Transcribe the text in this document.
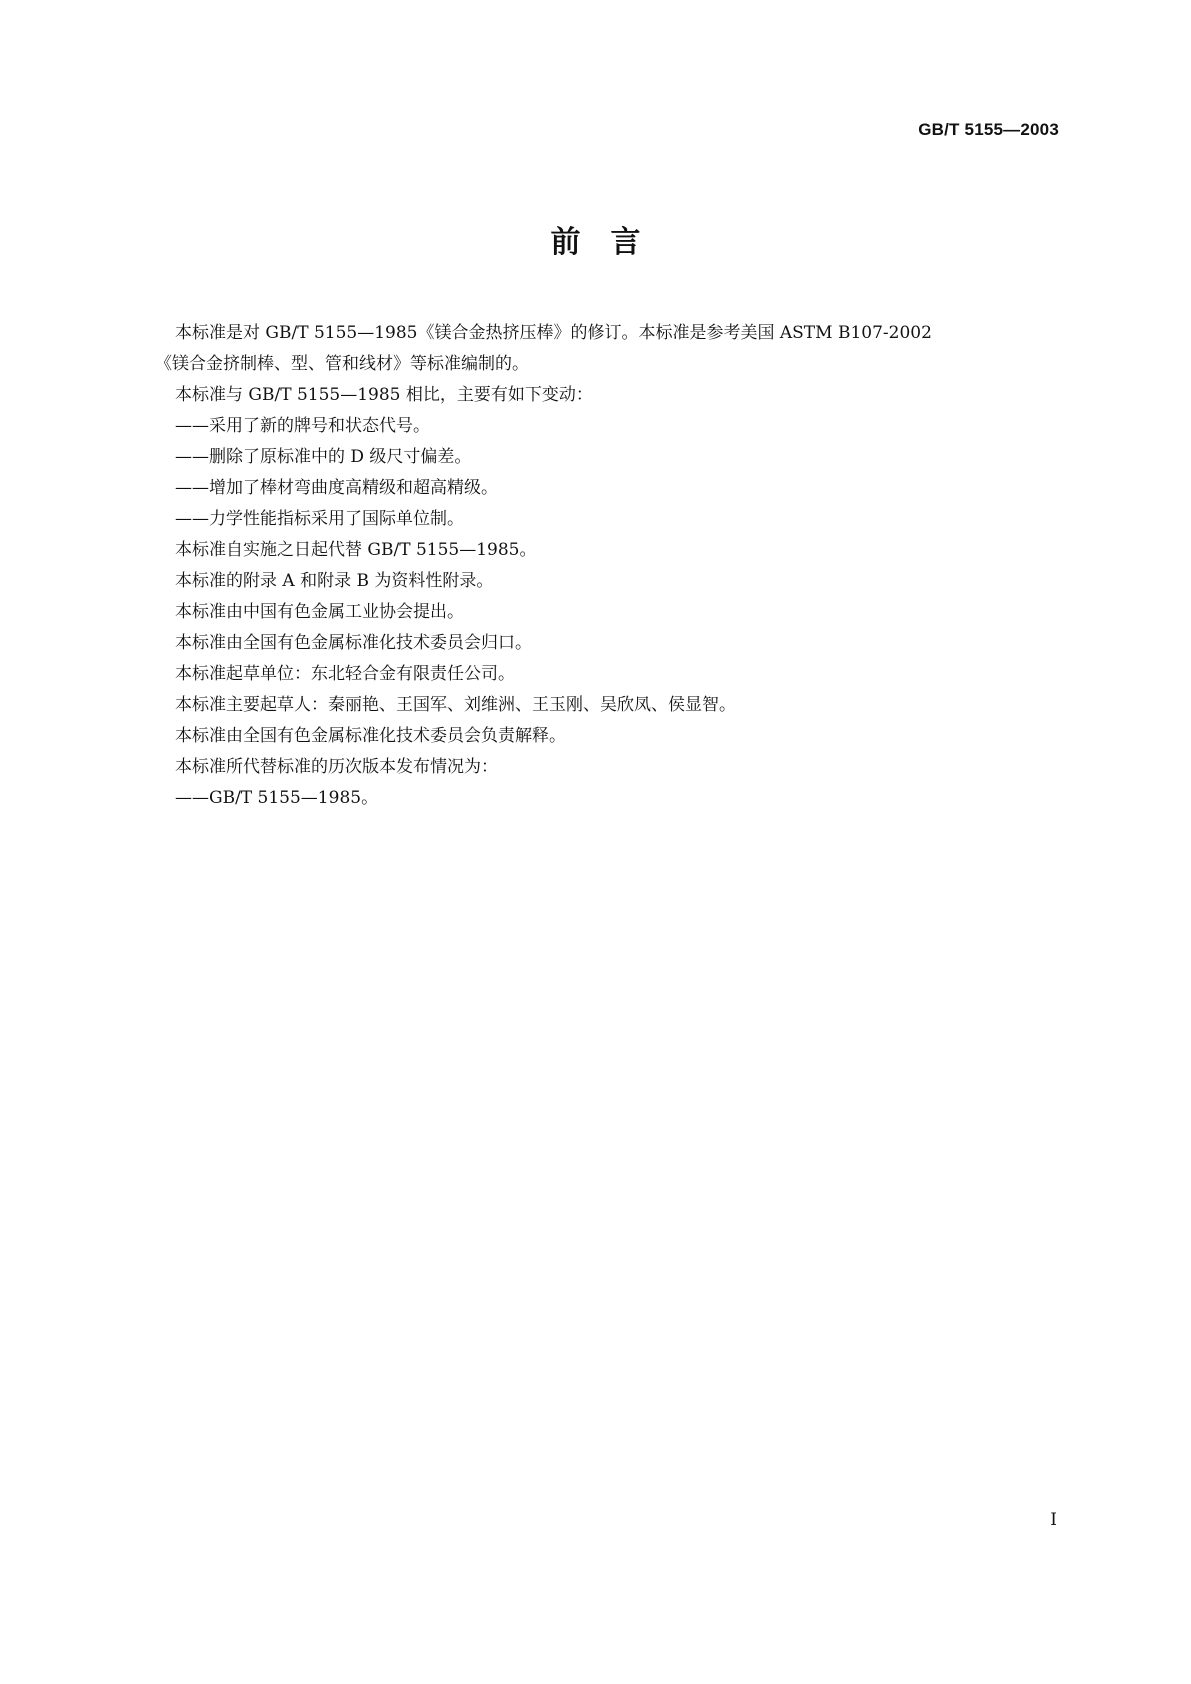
GB/T 5155—2003
前　言

本标准是对 GB/T 5155—1985《镁合金热挤压棒》的修订。本标准是参考美国 ASTM B107-2002

《镁合金挤制棒、型、管和线材》等标准编制的。

本标准与 GB/T 5155—1985 相比，主要有如下变动：

——采用了新的牌号和状态代号。

——删除了原标准中的 D 级尺寸偏差。

——增加了棒材弯曲度高精级和超高精级。

——力学性能指标采用了国际单位制。

本标准自实施之日起代替 GB/T 5155—1985。

本标准的附录 A 和附录 B 为资料性附录。

本标准由中国有色金属工业协会提出。

本标准由全国有色金属标准化技术委员会归口。

本标准起草单位：东北轻合金有限责任公司。

本标准主要起草人：秦丽艳、王国军、刘维洲、王玉刚、吴欣凤、侯显智。

本标准由全国有色金属标准化技术委员会负责解释。

本标准所代替标准的历次版本发布情况为：

——GB/T 5155—1985。

I
